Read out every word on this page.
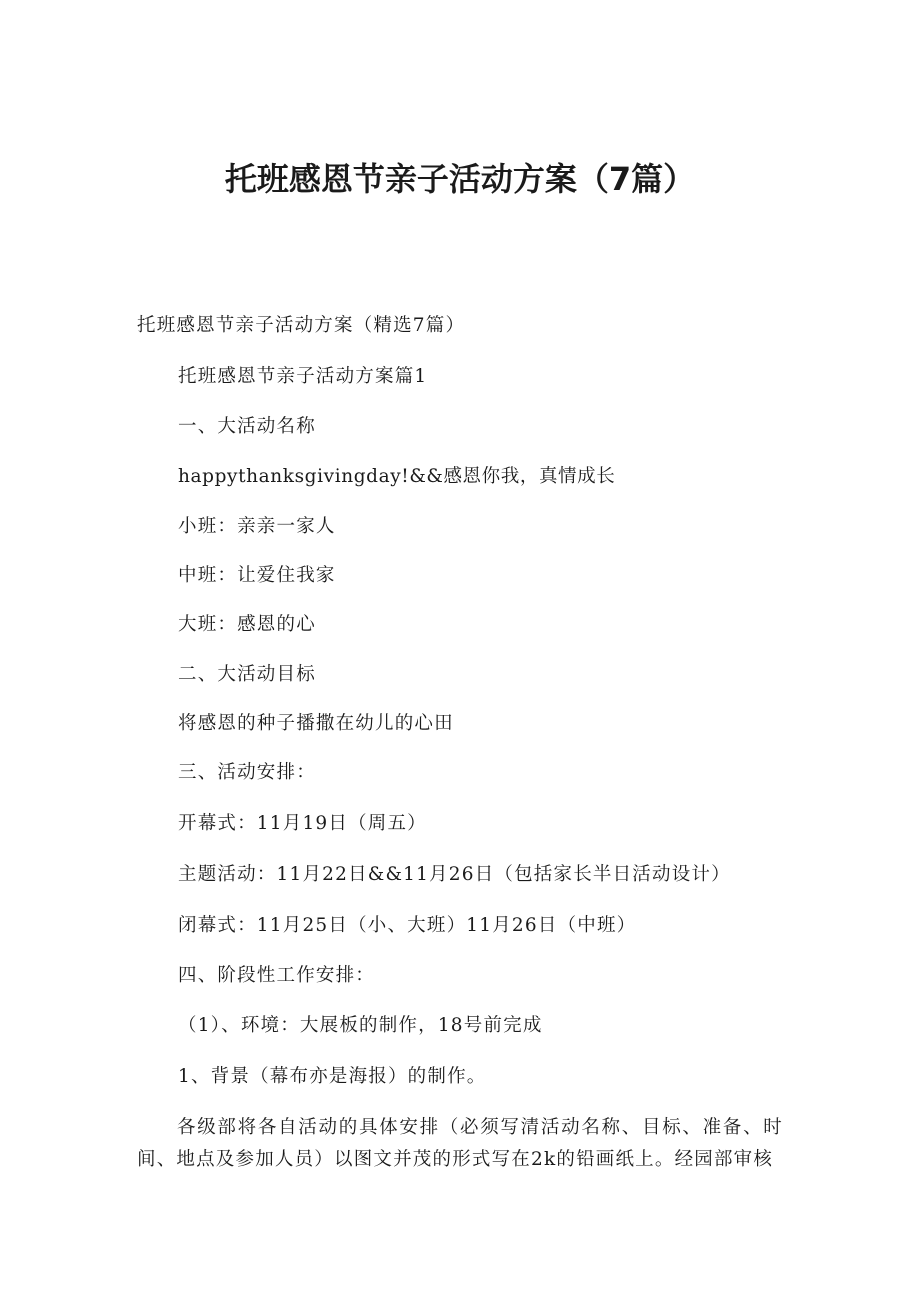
托班感恩节亲子活动方案（7篇）

托班感恩节亲子活动方案（精选7篇）

托班感恩节亲子活动方案篇1

一、大活动名称

happythanksgivingday!&&感恩你我，真情成长

小班：亲亲一家人

中班：让爱住我家

大班：感恩的心

二、大活动目标

将感恩的种子播撒在幼儿的心田

三、活动安排：

开幕式：11月19日（周五）

主题活动：11月22日&&11月26日（包括家长半日活动设计）

闭幕式：11月25日（小、大班）11月26日（中班）

四、阶段性工作安排：

（1）、环境：大展板的制作，18号前完成

1、背景（幕布亦是海报）的制作。

各级部将各自活动的具体安排（必须写清活动名称、目标、准备、时间、地点及参加人员）以图文并茂的形式写在2k的铅画纸上。经园部审核
